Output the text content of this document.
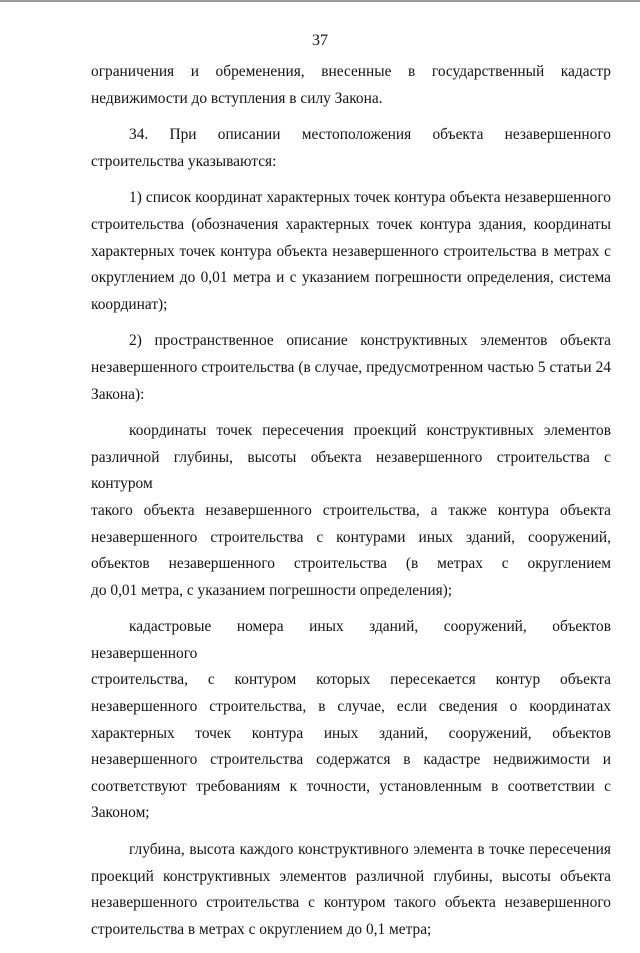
37
ограничения и обременения, внесенные в государственный кадастр
недвижимости до вступления в силу Закона.
34. При описании местоположения объекта незавершенного
строительства указываются:
1) список координат характерных точек контура объекта незавершенного
строительства (обозначения характерных точек контура здания, координаты
характерных точек контура объекта незавершенного строительства в метрах с
округлением до 0,01 метра и с указанием погрешности определения, система
координат);
2) пространственное описание конструктивных элементов объекта
незавершенного строительства (в случае, предусмотренном частью 5 статьи 24
Закона):
координаты точек пересечения проекций конструктивных элементов
различной глубины, высоты объекта незавершенного строительства с контуром
такого объекта незавершенного строительства, а также контура объекта
незавершенного строительства с контурами иных зданий, сооружений,
объектов незавершенного строительства (в метрах с округлением
до 0,01 метра, с указанием погрешности определения);
кадастровые номера иных зданий, сооружений, объектов незавершенного
строительства, с контуром которых пересекается контур объекта
незавершенного строительства, в случае, если сведения о координатах
характерных точек контура иных зданий, сооружений, объектов
незавершенного строительства содержатся в кадастре недвижимости и
соответствуют требованиям к точности, установленным в соответствии с
Законом;
глубина, высота каждого конструктивного элемента в точке пересечения
проекций конструктивных элементов различной глубины, высоты объекта
незавершенного строительства с контуром такого объекта незавершенного
строительства в метрах с округлением до 0,1 метра;
